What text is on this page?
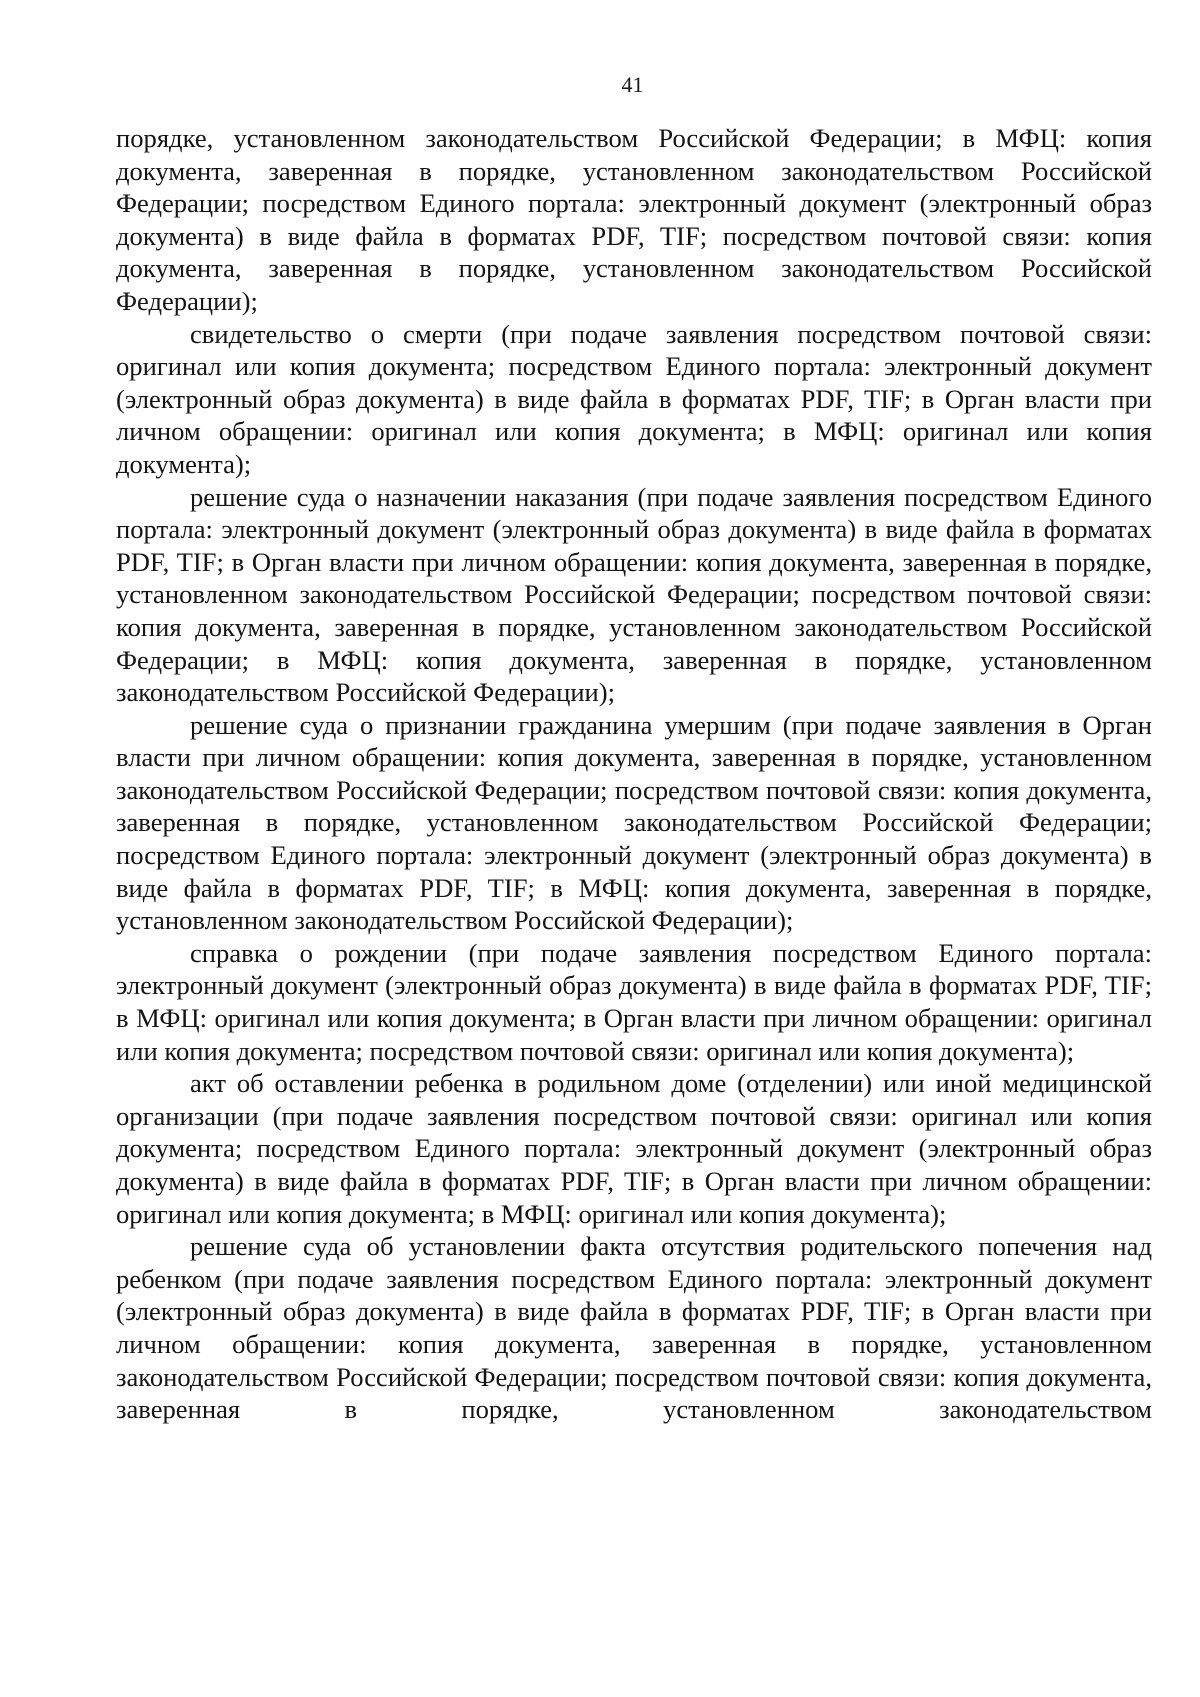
41

порядке, установленном законодательством Российской Федерации; в МФЦ: копия документа, заверенная в порядке, установленном законодательством Российской Федерации; посредством Единого портала: электронный документ (электронный образ документа) в виде файла в форматах PDF, TIF; посредством почтовой связи: копия документа, заверенная в порядке, установленном законодательством Российской Федерации);

свидетельство о смерти (при подаче заявления посредством почтовой связи: оригинал или копия документа; посредством Единого портала: электронный документ (электронный образ документа) в виде файла в форматах PDF, TIF; в Орган власти при личном обращении: оригинал или копия документа; в МФЦ: оригинал или копия документа);

решение суда о назначении наказания (при подаче заявления посредством Единого портала: электронный документ (электронный образ документа) в виде файла в форматах PDF, TIF; в Орган власти при личном обращении: копия документа, заверенная в порядке, установленном законодательством Российской Федерации; посредством почтовой связи: копия документа, заверенная в порядке, установленном законодательством Российской Федерации; в МФЦ: копия документа, заверенная в порядке, установленном законодательством Российской Федерации);

решение суда о признании гражданина умершим (при подаче заявления в Орган власти при личном обращении: копия документа, заверенная в порядке, установленном законодательством Российской Федерации; посредством почтовой связи: копия документа, заверенная в порядке, установленном законодательством Российской Федерации; посредством Единого портала: электронный документ (электронный образ документа) в виде файла в форматах PDF, TIF; в МФЦ: копия документа, заверенная в порядке, установленном законодательством Российской Федерации);

справка о рождении (при подаче заявления посредством Единого портала: электронный документ (электронный образ документа) в виде файла в форматах PDF, TIF; в МФЦ: оригинал или копия документа; в Орган власти при личном обращении: оригинал или копия документа; посредством почтовой связи: оригинал или копия документа);

акт об оставлении ребенка в родильном доме (отделении) или иной медицинской организации (при подаче заявления посредством почтовой связи: оригинал или копия документа; посредством Единого портала: электронный документ (электронный образ документа) в виде файла в форматах PDF, TIF; в Орган власти при личном обращении: оригинал или копия документа; в МФЦ: оригинал или копия документа);

решение суда об установлении факта отсутствия родительского попечения над ребенком (при подаче заявления посредством Единого портала: электронный документ (электронный образ документа) в виде файла в форматах PDF, TIF; в Орган власти при личном обращении: копия документа, заверенная в порядке, установленном законодательством Российской Федерации; посредством почтовой связи: копия документа, заверенная в порядке, установленном законодательством
